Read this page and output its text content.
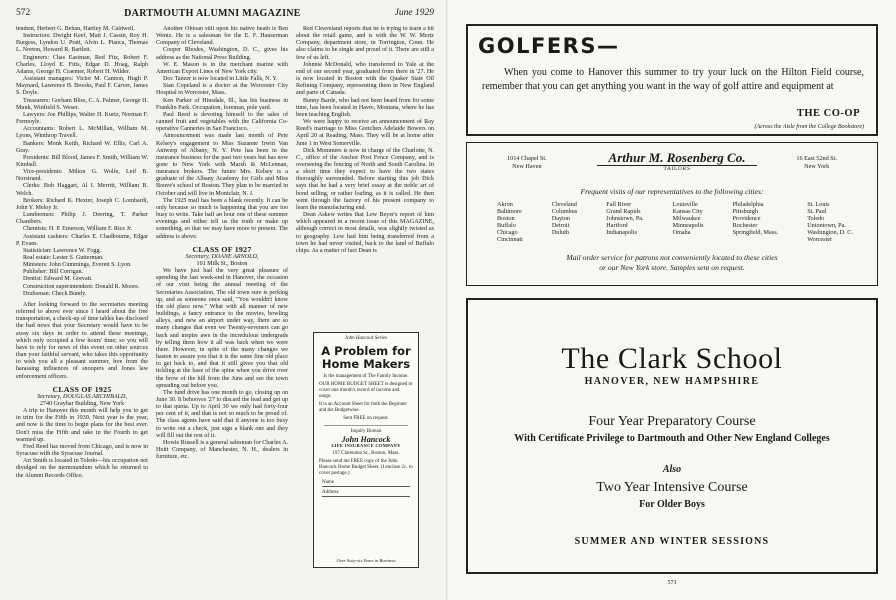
572	DARTMOUTH ALUMNI MAGAZINE	June 1929

tendent, Herbert G. Behan, Hartley M. Caldwell.

Instructors: Dwight Keef, Matt J. Cassin, Roy H. Burgess, Lyndon U. Pratt, Alvin L. Pianca, Thomas L. Norton, Howard R. Bartlett.

Engineers: Chas Eastman, Red Fitz, Robert F. Charles, Lloyd E. Fitts, Edgar D. Hoag, Ralph Adams, George H. Craemer, Robert H. Wilder.

Assistant managers: Victor M. Cannon, Hugh P. Maynard, Lawrence B. Brooks, Paul F. Carver, James S. Doyle.

Treasurers: Gorham Bliss, C. A. Palmer, George H. Munk, Winfield S. Weser.

Lawyers: Joe Phillips, Walter H. Kurtz, Norman F. Fermoyle.

Accountants: Robert L. McMillan, William M. Lyons, Winthrop Travell.

Bankers: Monk Keith, Richard W. Ellis, Carl A. Gray.

Presidents: Bill Blood, James F. Smith, William W. Kimball.

Vice-presidents: Milton G. Wolfe, Leif B. Norstrand.

Clerks: Bob Haggart, Al I. Merritt, William B. Welch.

Brokers: Richard K. Hexter, Joseph C. Lombardi, John Y. Meloy Jr.

Lumbermen: Philip J. Deering, T. Parker Chambers.

Chemists: H. P. Emerson, William F. Rice Jr.

Assistant cashiers: Charles E. Chadbourne, Edgar P. Evans.

Statistician: Lawrence W. Fogg.

Real estate: Lester S. Gutterman.

Ministers: John Cummings, Everett S. Lyon.

Publisher: Bill Corrigan.

Dentist: Edward M. Grevatt.

Construction superintendent: Donald R. Moore.

Draftsman: Check Bundy.

After looking forward to the secretaries meeting referred to above ever since I heard about the free transportation, a check-up of time tables has disclosed the bad news that your Secretary would have to be away six days in order to attend these meetings, which only occupied a few hours' time; so you will have to rely for news of this event on other sources than your faithful servant, who takes this opportunity to wish you all a pleasant summer, free from the harassing influences of snoopers and Jones law enforcement officers.

CLASS OF 1925

Secretary, DOUGLAS ARCHIBALD,

2740 Graybar Building, New York

A trip to Hanover this month will help you to get in trim for the Fifth in 1930. Next year is the year, and now is the time to begin plans for the best ever. Don't miss the Fifth and take in the Fourth to get warmed up.

Fred Reed has moved from Chicago, and is now in Syracuse with the Syracuse Journal.

Art Smith is located in Toledo—his occupation not divulged on the memorandum which he returned to the Alumni Records Office.

Another Ohioan still upon his native heath is Ben Wentz. He is a salesman for the E. F. Hauserman Company of Cleveland.

Cooper Rhodes, Washington, D. C., gives his address as the National Press Building.

W. E. Mason is in the merchant marine with American Export Lines of New York city.

Doc Tanzer is now located in Little Falls, N. Y.

Stan Copeland is a doctor at the Worcester City Hospital in Worcester, Mass.

Ken Parker of Hinsdale, Ill., has his business in Franklin Park. Occupation, foreman, pole yard.

Paul Reed is devoting himself to the sales of canned fruit and vegetables with the California Co-operative Canneries in San Francisco.

Announcement was made last month of Pete Kelsey's engagement to Miss Suzanne Irwin Van Antwerp of Albany, N. Y. Pete has been in the insurance business for the past two years but has now gone to New York with Marsh & McLennan, insurance brokers. The future Mrs. Kelsey is a graduate of the Albany Academy for Girls and Miss Bouve's school of Boston. They plan to be married in October and will live in Montclair, N. J.

The 1925 mail has been a blank recently. It can be only because so much is happening that you are too busy to write. Take half an hour one of these summer evenings and either tell us the truth or make up something, so that we may have more to present. The address is above.

CLASS OF 1927

Secretary, DOANE ARNOLD,

101 Milk St., Boston

We have just had the very great pleasure of spending the last week-end in Hanover, the occasion of our visit being the annual meeting of the Secretaries Association. The old town sure is perking up, and as someone once said, "You wouldn't know the old place now." What with all manner of new buildings, a fancy entrance to the movies, bowling alleys, and new an airport under way, there are so many changes that even we Twenty-seveners can go back and inspire awe in the incredulous undergrads by telling them how it all was back when we were there. However, in spite of the many changes we hasten to assure you that it is the same fine old place to get back to, and that it still gives you that old tickling at the base of the spine when you drive over the brow of the hill from the June and see the town spreading out before you.

The fund drive has one month to go, closing up on June 30. It behooves '27 to discard the lead and get up to that quota. Up to April 30 we only had forty-four per cent of it, and that is not so much to be proud of. The class agents have said that if anyone is too busy to write out a check, just sign a blank one and they will fill out the rest of it.

Howie Russell is a general salesman for Charles A. Hoitt Company, of Manchester, N. H., dealers in furniture, etc.

Red Cleaveland reports that he is trying to learn a bit about the retail game, and is with the W. W. Mertz Company, department store, in Torrington, Conn. He also claims to be single and proud of it. There are still a few of us left.

Johnnie McDonald, who transferred to Yale at the end of our second year, graduated from there in '27. He is now located in Boston with the Quaker State Oil Refining Company, representing them in New England and parts of Canada.

Bunny Barde, who had not been heard from for some time, has been located in Havre, Montana, where he has been teaching English.

We were happy to receive an announcement of Ray Reed's marriage to Miss Gretchen Adelaide Bowers on April 20 at Reading, Mass. They will be at home after June 1 in West Somerville.

Dick Mommers is now in charge of the Charlotte, N. C., office of the Anchor Post Fence Company, and is overseeing the fencing of North and South Carolina. In a short time they expect to have the two states thoroughly surrounded. Before starting this job Dick says that he had a very brief essay at the noble art of bond selling, or rather loafing, as it is called. He then went through the factory of his present company to learn the manufacturing end.

Dean Askew writes that Lew Beyer's report of him which appeared in a recent issue of this MAGAZINE, although correct in most details, was slightly twisted as to geography. Lew had him being transferred from a town he had never visited, back to the land of Buffalo chips. As a matter of fact Dean is

John Hancock Series
A Problem for Home Makers

Is the management of The Family Income.

OUR HOME BUDGET SHEET is designed to cover one month's record of income and outgo.

It is an Account Sheet for both the Beginner and the Budgetwise.

Sent FREE on request.

Inquiry Bureau
John Hancock
LIFE INSURANCE COMPANY

197 Clarendon St., Boston, Mass.

Please send me FREE copy of the John Hancock Home Budget Sheet. (I enclose 2c. to cover postage.)

Name
Address
Over Sixty-six Years in Business
GOLFERS—
When you come to Hanover this summer to try your luck on the Hilton Field course, remember that you can get anything you want in the way of golf attire and equipment at
THE CO-OP
(Across the Aisle from the College Bookstore)
1014 Chapel St.
New Haven
Arthur M. Rosenberg Co.
TAILORS
16 East 52nd St.
New York
Frequent visits of our representatives to the following cities:
Akron
Baltimore
Boston
Buffalo
Chicago
Cincinnati
Cleveland
Columbus
Dayton
Detroit
Duluth
Fall River
Grand Rapids
Johnstown, Pa.
Hartford
Indianapolis
Louisville
Kansas City
Milwaukee
Minneapolis
Omaha
Philadelphia
Pittsburgh
Providence
Rochester
Springfield, Mass.
St. Louis
St. Paul
Toledo
Uniontown, Pa.
Washington, D. C.
Worcester
Mail order service for patrons not conveniently located to these cities
or our New York store. Samples sent on request.
The Clark School
HANOVER, NEW HAMPSHIRE
Four Year Preparatory Course
With Certificate Privilege to Dartmouth and Other New England Colleges
Also
Two Year Intensive Course
For Older Boys
SUMMER AND WINTER SESSIONS
573
